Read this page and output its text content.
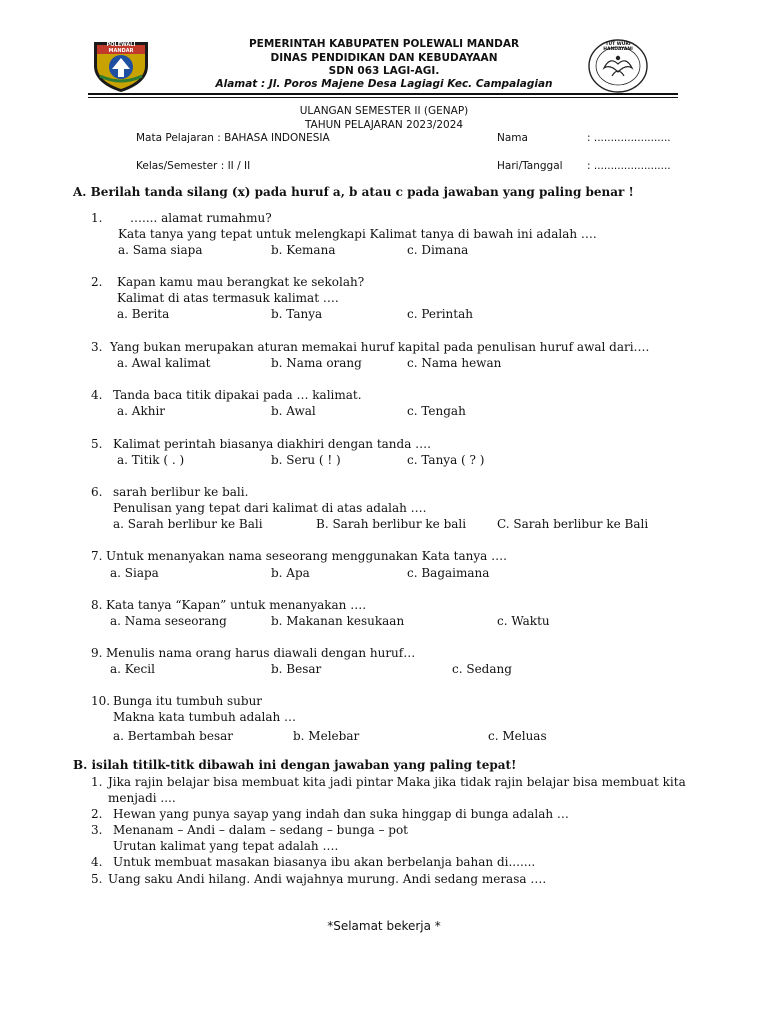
POLEWALI MANDAR
TUT WURI HANDAYANI
PEMERINTAH KABUPATEN POLEWALI MANDAR
DINAS PENDIDIKAN DAN KEBUDAYAAN
SDN 063 LAGI-AGI.
Alamat : Jl. Poros Majene Desa Lagiagi Kec. Campalagian
ULANGAN SEMESTER II (GENAP)
TAHUN PELAJARAN 2023/2024
Mata Pelajaran : BAHASA INDONESIA	Nama	: .......................
Kelas/Semester : II / II	Hari/Tanggal : .......................
A. Berilah tanda silang (x) pada huruf a, b atau c pada jawaban yang paling benar !
1. ….... alamat rumahmu?
Kata tanya yang tepat untuk melengkapi Kalimat tanya di bawah ini adalah ….
a. Sama siapa	b. Kemana	c. Dimana
2. Kapan kamu mau berangkat ke sekolah?
Kalimat di atas termasuk kalimat ….
a. Berita	b. Tanya	c. Perintah
3. Yang bukan merupakan aturan memakai huruf kapital pada penulisan huruf awal dari….
a. Awal kalimat	b. Nama orang	c. Nama hewan
4. Tanda baca titik dipakai pada … kalimat.
a. Akhir	b. Awal	c. Tengah
5. Kalimat perintah biasanya diakhiri dengan tanda ….
a. Titik ( . )	b. Seru ( ! )	c. Tanya ( ? )
6. sarah berlibur ke bali.
Penulisan yang tepat dari kalimat di atas adalah ….
a. Sarah berlibur ke Bali	B. Sarah berlibur ke bali	C. Sarah berlibur ke Bali
7. Untuk menanyakan nama seseorang menggunakan Kata tanya ….
a. Siapa	b. Apa	c. Bagaimana
8. Kata tanya “Kapan” untuk menanyakan ….
a. Nama seseorang	b. Makanan kesukaan	c. Waktu
9. Menulis nama orang harus diawali dengan huruf…
a. Kecil	b. Besar	c. Sedang
10. Bunga itu tumbuh subur
Makna kata tumbuh adalah …
a. Bertambah besar	b. Melebar	c. Meluas
B. isilah titilk-titk dibawah ini dengan jawaban yang paling tepat!
1. Jika rajin belajar bisa membuat kita jadi pintar Maka jika tidak rajin belajar bisa membuat kita
menjadi ....
2. Hewan yang punya sayap yang indah dan suka hinggap di bunga adalah …
3. Menanam – Andi – dalam – sedang – bunga – pot
Urutan kalimat yang tepat adalah ….
4. Untuk membuat masakan biasanya ibu akan berbelanja bahan di.......
5. Uang saku Andi hilang. Andi wajahnya murung. Andi sedang merasa ….
*Selamat bekerja *
